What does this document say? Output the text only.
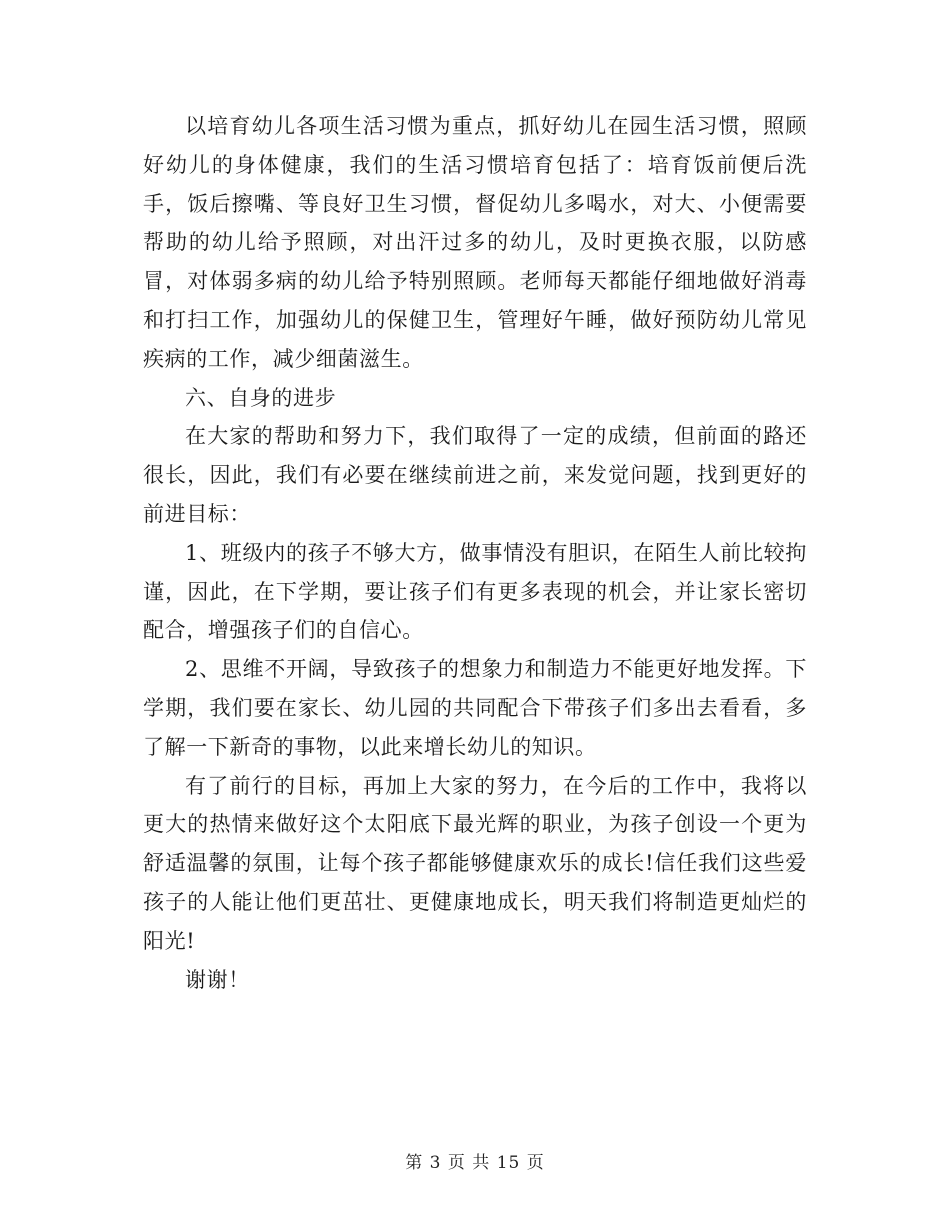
以培育幼儿各项生活习惯为重点，抓好幼儿在园生活习惯，照顾好幼儿的身体健康，我们的生活习惯培育包括了：培育饭前便后洗手，饭后擦嘴、等良好卫生习惯，督促幼儿多喝水，对大、小便需要帮助的幼儿给予照顾，对出汗过多的幼儿，及时更换衣服，以防感冒，对体弱多病的幼儿给予特别照顾。老师每天都能仔细地做好消毒和打扫工作，加强幼儿的保健卫生，管理好午睡，做好预防幼儿常见疾病的工作，减少细菌滋生。

六、自身的进步

在大家的帮助和努力下，我们取得了一定的成绩，但前面的路还很长，因此，我们有必要在继续前进之前，来发觉问题，找到更好的前进目标：

1、班级内的孩子不够大方，做事情没有胆识，在陌生人前比较拘谨，因此，在下学期，要让孩子们有更多表现的机会，并让家长密切配合，增强孩子们的自信心。

2、思维不开阔，导致孩子的想象力和制造力不能更好地发挥。下学期，我们要在家长、幼儿园的共同配合下带孩子们多出去看看，多了解一下新奇的事物，以此来增长幼儿的知识。

有了前行的目标，再加上大家的努力，在今后的工作中，我将以更大的热情来做好这个太阳底下最光辉的职业，为孩子创设一个更为舒适温馨的氛围，让每个孩子都能够健康欢乐的成长!信任我们这些爱孩子的人能让他们更茁壮、更健康地成长，明天我们将制造更灿烂的阳光!

谢谢！

第 3 页 共 15 页
